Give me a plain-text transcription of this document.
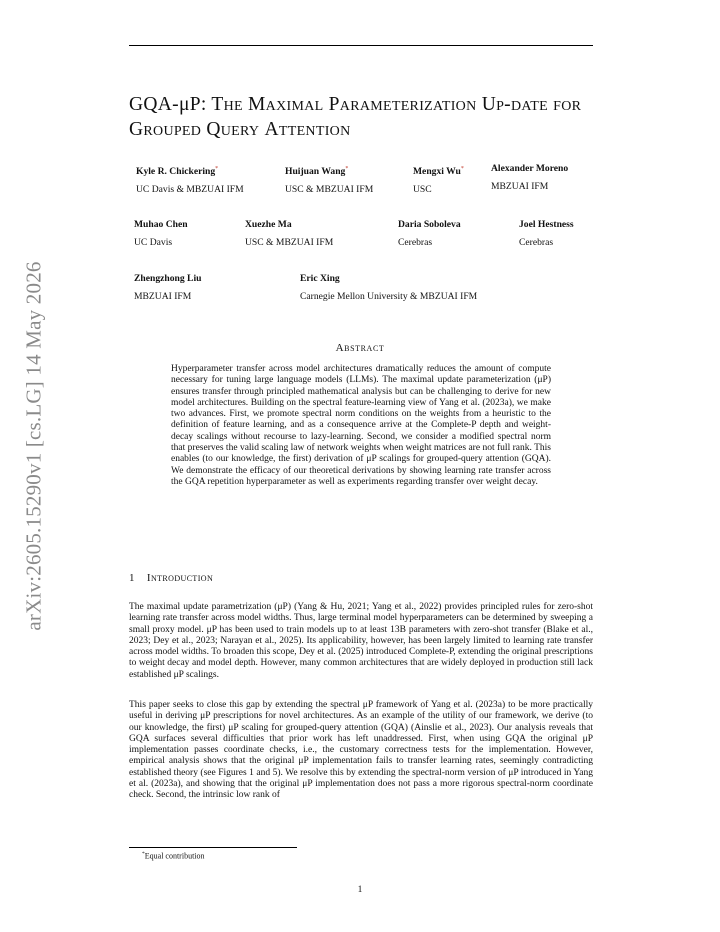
arXiv:2605.15290v1 [cs.LG] 14 May 2026
GQA-μP: The Maximal Parameterization Up-date for Grouped Query Attention
Kyle R. Chickering*
UC Davis & MBZUAI IFM
Huijuan Wang*
USC & MBZUAI IFM
Mengxi Wu*
USC
Alexander Moreno
MBZUAI IFM
Muhao Chen
UC Davis
Xuezhe Ma
USC & MBZUAI IFM
Daria Soboleva
Cerebras
Joel Hestness
Cerebras
Zhengzhong Liu
MBZUAI IFM
Eric Xing
Carnegie Mellon University & MBZUAI IFM
Abstract
Hyperparameter transfer across model architectures dramatically reduces the amount of compute necessary for tuning large language models (LLMs). The maximal update parameterization (μP) ensures transfer through principled mathematical analysis but can be challenging to derive for new model architectures. Building on the spectral feature-learning view of Yang et al. (2023a), we make two advances. First, we promote spectral norm conditions on the weights from a heuristic to the definition of feature learning, and as a consequence arrive at the Complete-P depth and weight-decay scalings without recourse to lazy-learning. Second, we consider a modified spectral norm that preserves the valid scaling law of network weights when weight matrices are not full rank. This enables (to our knowledge, the first) derivation of μP scalings for grouped-query attention (GQA). We demonstrate the efficacy of our theoretical derivations by showing learning rate transfer across the GQA repetition hyperparameter as well as experiments regarding transfer over weight decay.
1 Introduction
The maximal update parametrization (μP) (Yang & Hu, 2021; Yang et al., 2022) provides principled rules for zero-shot learning rate transfer across model widths. Thus, large terminal model hyperparameters can be determined by sweeping a small proxy model. μP has been used to train models up to at least 13B parameters with zero-shot transfer (Blake et al., 2023; Dey et al., 2023; Narayan et al., 2025). Its applicability, however, has been largely limited to learning rate transfer across model widths. To broaden this scope, Dey et al. (2025) introduced Complete-P, extending the original prescriptions to weight decay and model depth. However, many common architectures that are widely deployed in production still lack established μP scalings.
This paper seeks to close this gap by extending the spectral μP framework of Yang et al. (2023a) to be more practically useful in deriving μP prescriptions for novel architectures. As an example of the utility of our framework, we derive (to our knowledge, the first) μP scaling for grouped-query attention (GQA) (Ainslie et al., 2023). Our analysis reveals that GQA surfaces several difficulties that prior work has left unaddressed. First, when using GQA the original μP implementation passes coordinate checks, i.e., the customary correctness tests for the implementation. However, empirical analysis shows that the original μP implementation fails to transfer learning rates, seemingly contradicting established theory (see Figures 1 and 5). We resolve this by extending the spectral-norm version of μP introduced in Yang et al. (2023a), and showing that the original μP implementation does not pass a more rigorous spectral-norm coordinate check. Second, the intrinsic low rank of
*Equal contribution
1
